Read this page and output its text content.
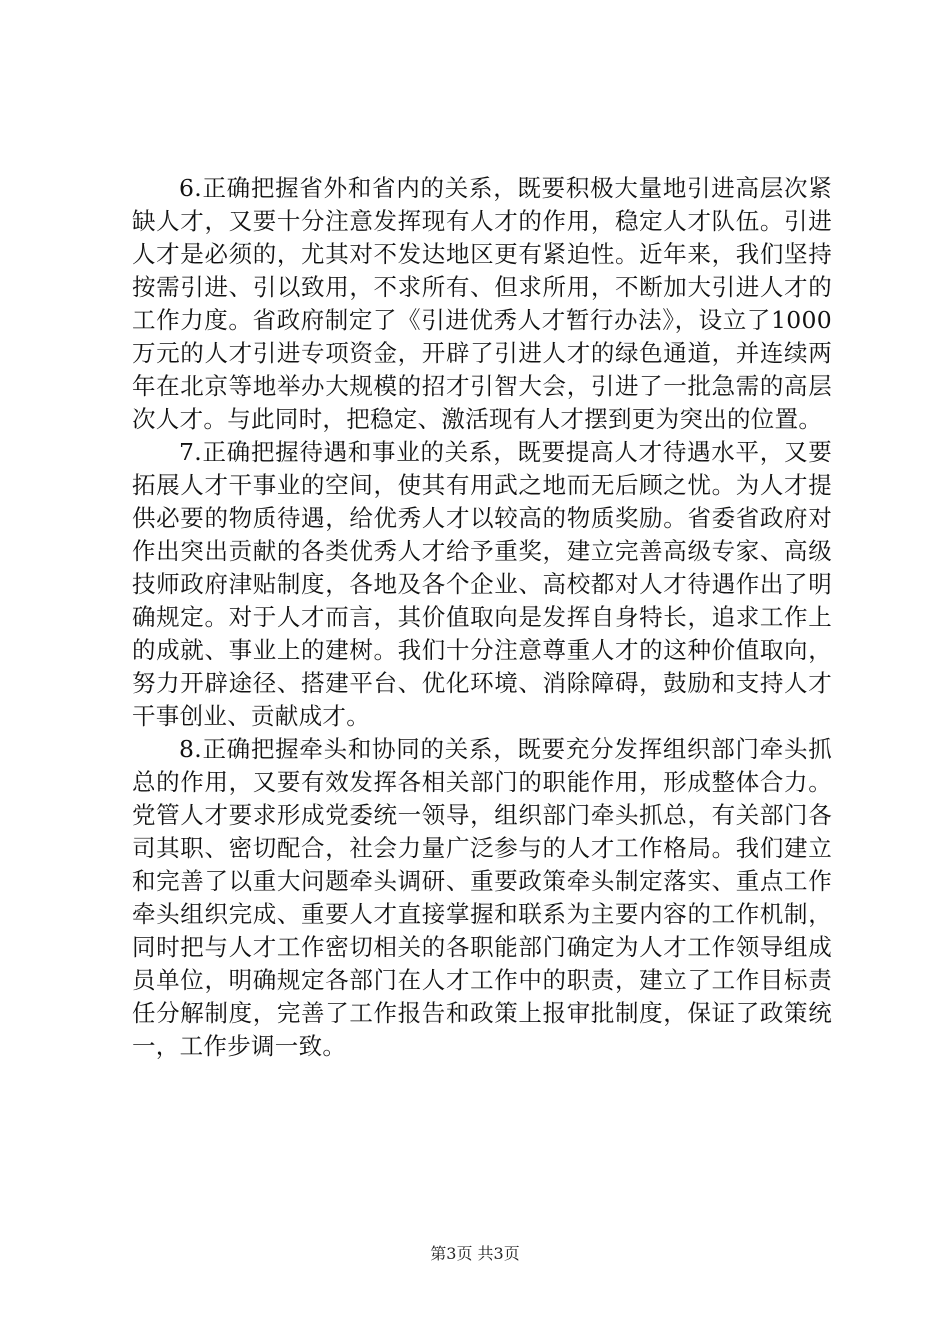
6.正确把握省外和省内的关系，既要积极大量地引进高层次紧缺人才，又要十分注意发挥现有人才的作用，稳定人才队伍。引进人才是必须的，尤其对不发达地区更有紧迫性。近年来，我们坚持按需引进、引以致用，不求所有、但求所用，不断加大引进人才的工作力度。省政府制定了《引进优秀人才暂行办法》，设立了1000万元的人才引进专项资金，开辟了引进人才的绿色通道，并连续两年在北京等地举办大规模的招才引智大会，引进了一批急需的高层次人才。与此同时，把稳定、激活现有人才摆到更为突出的位置。

7.正确把握待遇和事业的关系，既要提高人才待遇水平，又要拓展人才干事业的空间，使其有用武之地而无后顾之忧。为人才提供必要的物质待遇，给优秀人才以较高的物质奖励。省委省政府对作出突出贡献的各类优秀人才给予重奖，建立完善高级专家、高级技师政府津贴制度，各地及各个企业、高校都对人才待遇作出了明确规定。对于人才而言，其价值取向是发挥自身特长，追求工作上的成就、事业上的建树。我们十分注意尊重人才的这种价值取向，努力开辟途径、搭建平台、优化环境、消除障碍，鼓励和支持人才干事创业、贡献成才。

8.正确把握牵头和协同的关系，既要充分发挥组织部门牵头抓总的作用，又要有效发挥各相关部门的职能作用，形成整体合力。党管人才要求形成党委统一领导，组织部门牵头抓总，有关部门各司其职、密切配合，社会力量广泛参与的人才工作格局。我们建立和完善了以重大问题牵头调研、重要政策牵头制定落实、重点工作牵头组织完成、重要人才直接掌握和联系为主要内容的工作机制，同时把与人才工作密切相关的各职能部门确定为人才工作领导组成员单位，明确规定各部门在人才工作中的职责，建立了工作目标责任分解制度，完善了工作报告和政策上报审批制度，保证了政策统一，工作步调一致。

第3页 共3页
